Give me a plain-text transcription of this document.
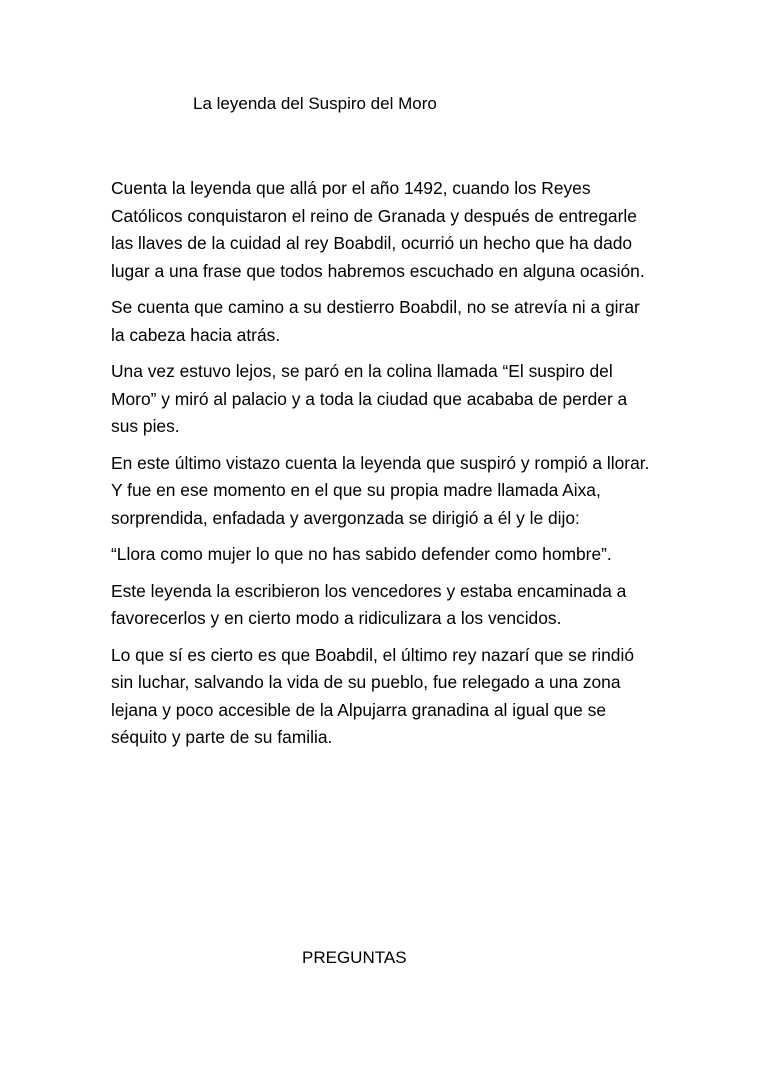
La leyenda del Suspiro del Moro

Cuenta la leyenda que allá por el año 1492, cuando los Reyes Católicos conquistaron el reino de Granada y después de entregarle las llaves de la cuidad al rey Boabdil, ocurrió un hecho que ha dado lugar a una frase que todos habremos escuchado en alguna ocasión.

Se cuenta que camino a su destierro Boabdil, no se atrevía ni a girar la cabeza hacia atrás.

Una vez estuvo lejos, se paró en la colina llamada “El suspiro del Moro” y miró al palacio y a toda la ciudad que acababa de perder a sus pies.

En este último vistazo cuenta la leyenda que suspiró y rompió a llorar. Y fue en ese momento en el que su propia madre llamada Aixa, sorprendida, enfadada y avergonzada se dirigió a él y le dijo:

“Llora como mujer lo que no has sabido defender como hombre”.

Este leyenda la escribieron los vencedores y estaba encaminada a favorecerlos y en cierto modo a ridiculizara a los vencidos.

Lo que sí es cierto es que Boabdil, el último rey nazarí que se rindió sin luchar, salvando la vida de su pueblo, fue relegado a una zona lejana y poco accesible de la Alpujarra granadina al igual que se séquito y parte de su familia.

PREGUNTAS
